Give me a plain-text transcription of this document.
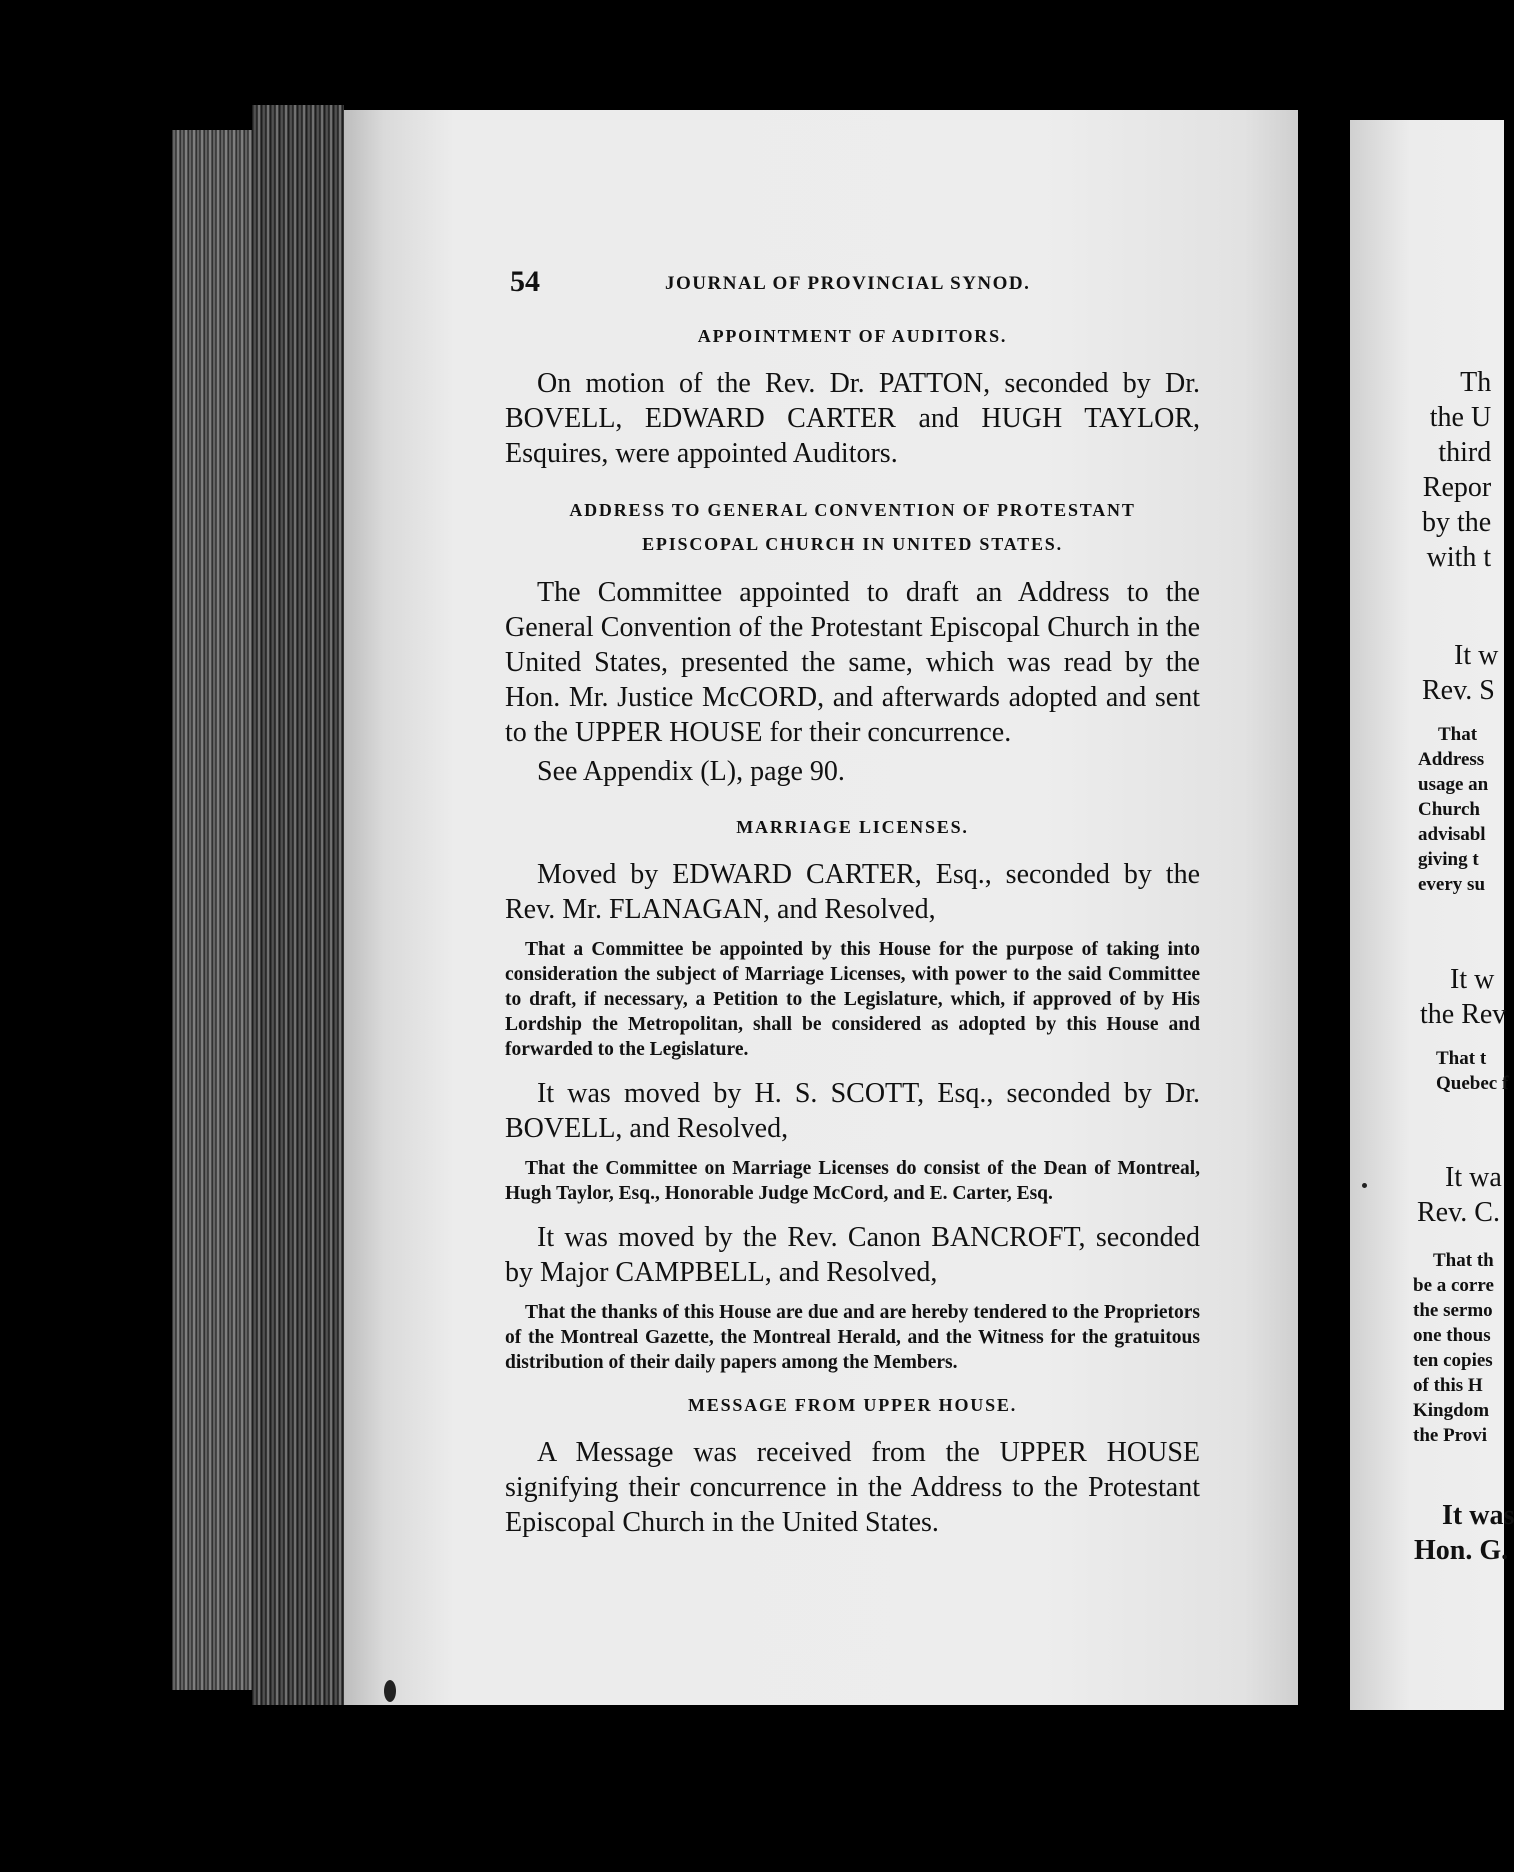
54	JOURNAL OF PROVINCIAL SYNOD.
APPOINTMENT OF AUDITORS.

On motion of the Rev. Dr. PATTON, seconded by Dr. BOVELL, EDWARD CARTER and HUGH TAYLOR, Esquires, were appointed Auditors.

ADDRESS TO GENERAL CONVENTION OF PROTESTANT
EPISCOPAL CHURCH IN UNITED STATES.

The Committee appointed to draft an Address to the General Convention of the Protestant Episcopal Church in the United States, presented the same, which was read by the Hon. Mr. Justice McCORD, and afterwards adopted and sent to the UPPER HOUSE for their concurrence.

See Appendix (L), page 90.

MARRIAGE LICENSES.

Moved by EDWARD CARTER, Esq., seconded by the Rev. Mr. FLANAGAN, and Resolved,

That a Committee be appointed by this House for the purpose of taking into consideration the subject of Marriage Licenses, with power to the said Committee to draft, if necessary, a Petition to the Legislature, which, if approved of by His Lordship the Metropolitan, shall be considered as adopted by this House and forwarded to the Legislature.

It was moved by H. S. SCOTT, Esq., seconded by Dr. BOVELL, and Resolved,

That the Committee on Marriage Licenses do consist of the Dean of Montreal, Hugh Taylor, Esq., Honorable Judge McCord, and E. Carter, Esq.

It was moved by the Rev. Canon BANCROFT, seconded by Major CAMPBELL, and Resolved,

That the thanks of this House are due and are hereby tendered to the Proprietors of the Montreal Gazette, the Montreal Herald, and the Witness for the gratuitous distribution of their daily papers among the Members.

MESSAGE FROM UPPER HOUSE.

A Message was received from the UPPER HOUSE signifying their concurrence in the Address to the Protestant Episcopal Church in the United States.

Th
the U
third
Repor
by the
with t
It w
Rev. S
That
Address
usage an
Church
advisabl
giving t
every su
It w
the Rev
That t
Quebec f
It wa
Rev. C.
That th
be a corre
the sermo
one thous
ten copies
of this H
Kingdom
the Provi
It was
Hon. G.
